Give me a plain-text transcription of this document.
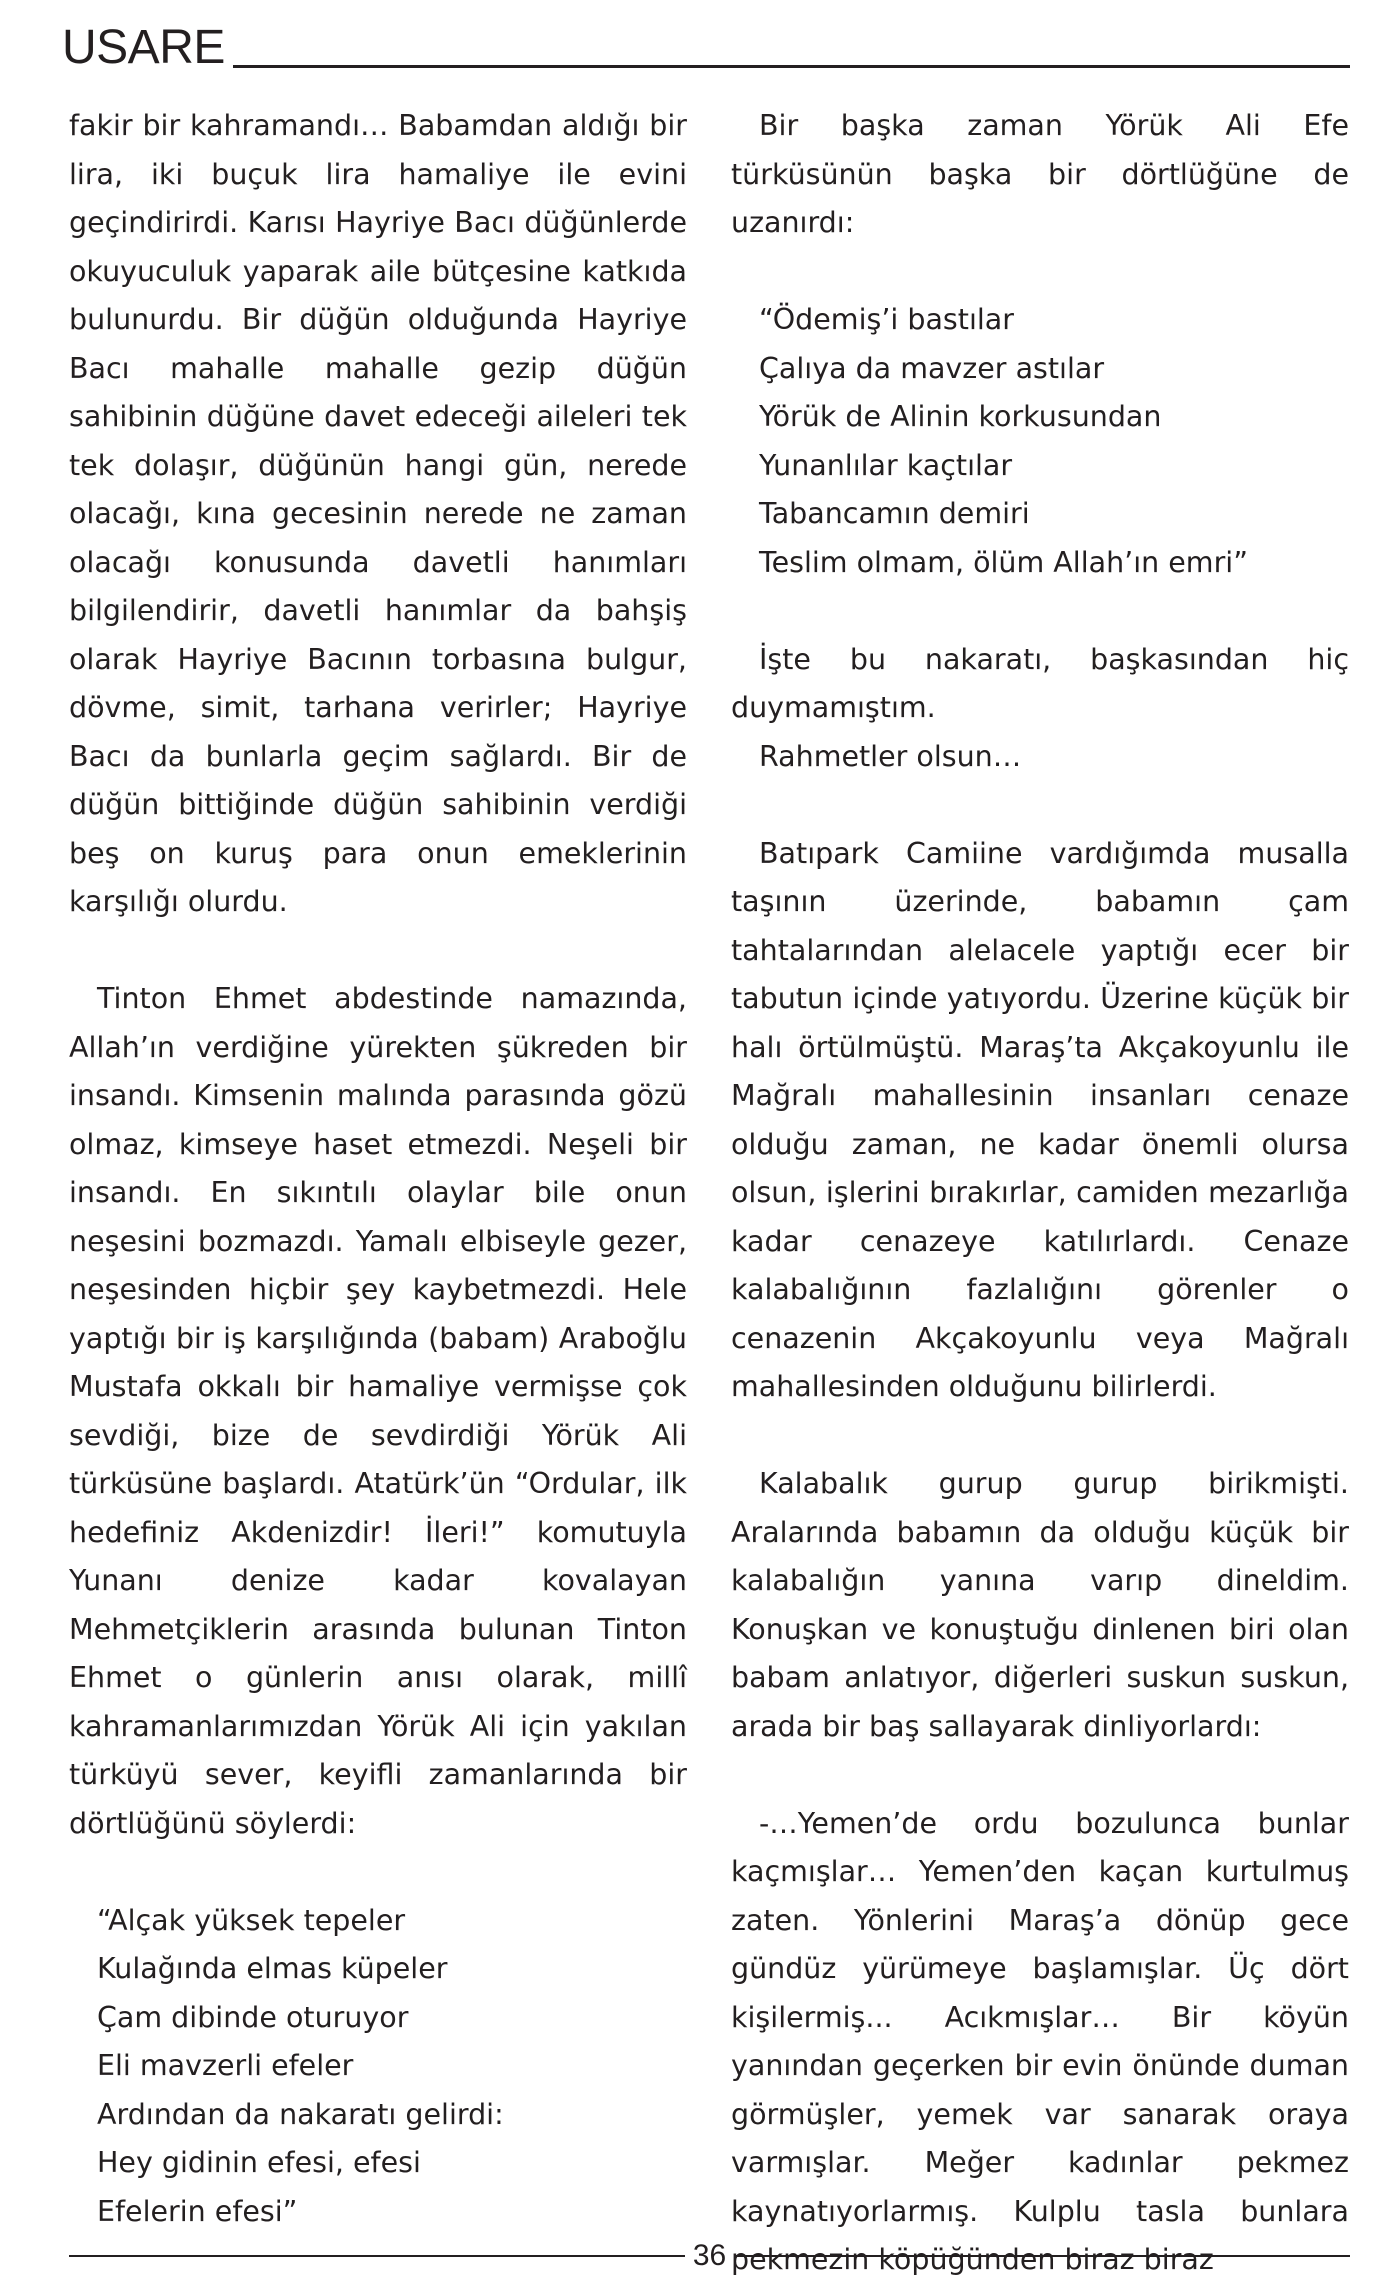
USARE

fakir bir kahramandı… Babamdan aldığı bir lira, iki buçuk lira hamaliye ile evini geçindirirdi. Karısı Hayriye Bacı düğünlerde okuyuculuk yaparak aile bütçesine katkıda bulunurdu. Bir düğün olduğunda Hayriye Bacı mahalle mahalle gezip düğün sahibinin düğüne davet edeceği aileleri tek tek dolaşır, düğünün hangi gün, nerede olacağı, kına gecesinin nerede ne zaman olacağı konusunda davetli hanımları bilgilendirir, davetli hanımlar da bahşiş olarak Hayriye Bacının torbasına bulgur, dövme, simit, tarhana verirler; Hayriye Bacı da bunlarla geçim sağlardı. Bir de düğün bittiğinde düğün sahibinin verdiği beş on kuruş para onun emeklerinin karşılığı olurdu.

Tinton Ehmet abdestinde namazında, Allah’ın verdiğine yürekten şükreden bir insandı. Kimsenin malında parasında gözü olmaz, kimseye haset etmezdi. Neşeli bir insandı. En sıkıntılı olaylar bile onun neşesini bozmazdı. Yamalı elbiseyle gezer, neşesinden hiçbir şey kaybetmezdi. Hele yaptığı bir iş karşılığında (babam) Araboğlu Mustafa okkalı bir hamaliye vermişse çok sevdiği, bize de sevdirdiği Yörük Ali türküsüne başlardı. Atatürk’ün “Ordular, ilk hedefiniz Akdenizdir! İleri!” komutuyla Yunanı denize kadar kovalayan Mehmetçiklerin arasında bulunan Tinton Ehmet o günlerin anısı olarak, millî kahramanlarımızdan Yörük Ali için yakılan türküyü sever, keyifli zamanlarında bir dörtlüğünü söylerdi:

“Alçak yüksek tepeler
Kulağında elmas küpeler
Çam dibinde oturuyor
Eli mavzerli efeler
Ardından da nakaratı gelirdi:
Hey gidinin efesi, efesi
Efelerin efesi”

Bir başka zaman Yörük Ali Efe türküsünün başka bir dörtlüğüne de uzanırdı:

“Ödemiş’i bastılar
Çalıya da mavzer astılar
Yörük de Alinin korkusundan
Yunanlılar kaçtılar
Tabancamın demiri
Teslim olmam, ölüm Allah’ın emri”

İşte bu nakaratı, başkasından hiç duymamıştım.

Rahmetler olsun…

Batıpark Camiine vardığımda musalla taşının üzerinde, babamın çam tahtalarından alelacele yaptığı ecer bir tabutun içinde yatıyordu. Üzerine küçük bir halı örtülmüştü. Maraş’ta Akçakoyunlu ile Mağralı mahallesinin insanları cenaze olduğu zaman, ne kadar önemli olursa olsun, işlerini bırakırlar, camiden mezarlığa kadar cenazeye katılırlardı. Cenaze kalabalığının fazlalığını görenler o cenazenin Akçakoyunlu veya Mağralı mahallesinden olduğunu bilirlerdi.

Kalabalık gurup gurup birikmişti. Aralarında babamın da olduğu küçük bir kalabalığın yanına varıp dineldim. Konuşkan ve konuştuğu dinlenen biri olan babam anlatıyor, diğerleri suskun suskun, arada bir baş sallayarak dinliyorlardı:

-…Yemen’de ordu bozulunca bunlar kaçmışlar… Yemen’den kaçan kurtulmuş zaten. Yönlerini Maraş’a dönüp gece gündüz yürümeye başlamışlar. Üç dört kişilermiş... Acıkmışlar… Bir köyün yanından geçerken bir evin önünde duman görmüşler, yemek var sanarak oraya varmışlar. Meğer kadınlar pekmez kaynatıyorlarmış. Kulplu tasla bunlara pekmezin köpüğünden biraz biraz

36
